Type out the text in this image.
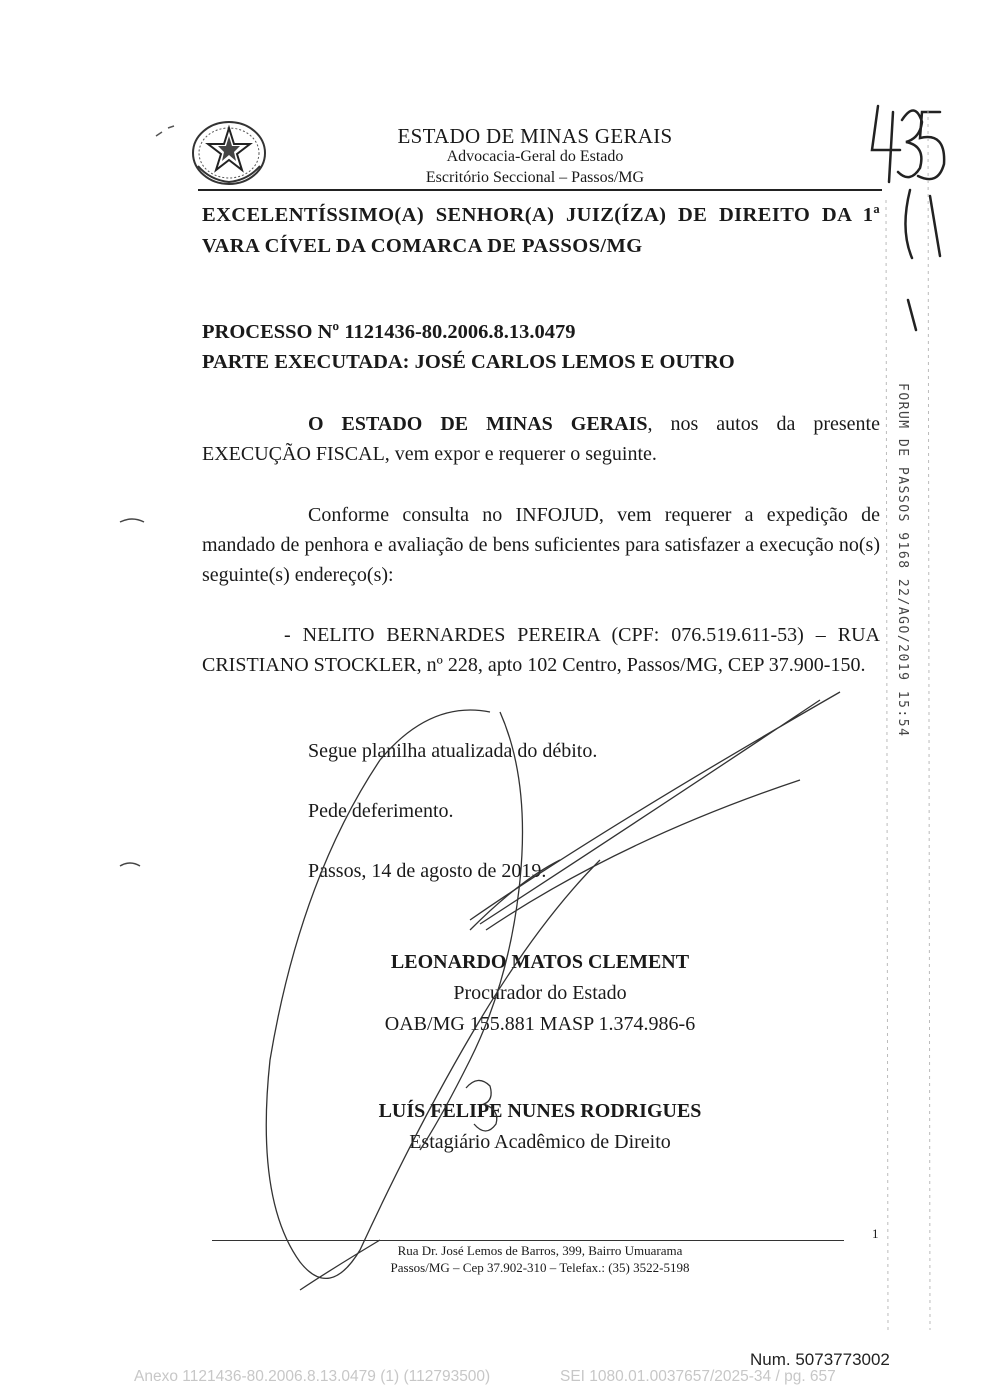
ESTADO DE MINAS GERAIS
Advocacia-Geral do Estado
Escritório Seccional – Passos/MG
EXCELENTÍSSIMO(A) SENHOR(A) JUIZ(ÍZA) DE DIREITO DA 1ª VARA CÍVEL DA COMARCA DE PASSOS/MG
PROCESSO Nº 1121436-80.2006.8.13.0479
PARTE EXECUTADA: JOSÉ CARLOS LEMOS E OUTRO
O ESTADO DE MINAS GERAIS, nos autos da presente EXECUÇÃO FISCAL, vem expor e requerer o seguinte.
Conforme consulta no INFOJUD, vem requerer a expedição de mandado de penhora e avaliação de bens suficientes para satisfazer a execução no(s) seguinte(s) endereço(s):
- NELITO BERNARDES PEREIRA (CPF: 076.519.611-53) – RUA CRISTIANO STOCKLER, nº 228, apto 102 Centro, Passos/MG, CEP 37.900-150.
Segue planilha atualizada do débito.
Pede deferimento.
Passos, 14 de agosto de 2019.
LEONARDO MATOS CLEMENT
Procurador do Estado
OAB/MG 155.881 MASP 1.374.986-6
LUÍS FELIPE NUNES RODRIGUES
Estagiário Acadêmico de Direito
1
Rua Dr. José Lemos de Barros, 399, Bairro Umuarama
Passos/MG – Cep 37.902-310 – Telefax.: (35) 3522-5198
FORUM DE PASSOS 9168 22/AGO/2019 15:54
Num. 5073773002
Anexo 1121436-80.2006.8.13.0479 (1) (112793500)	SEI 1080.01.0037657/2025-34 / pg. 657
